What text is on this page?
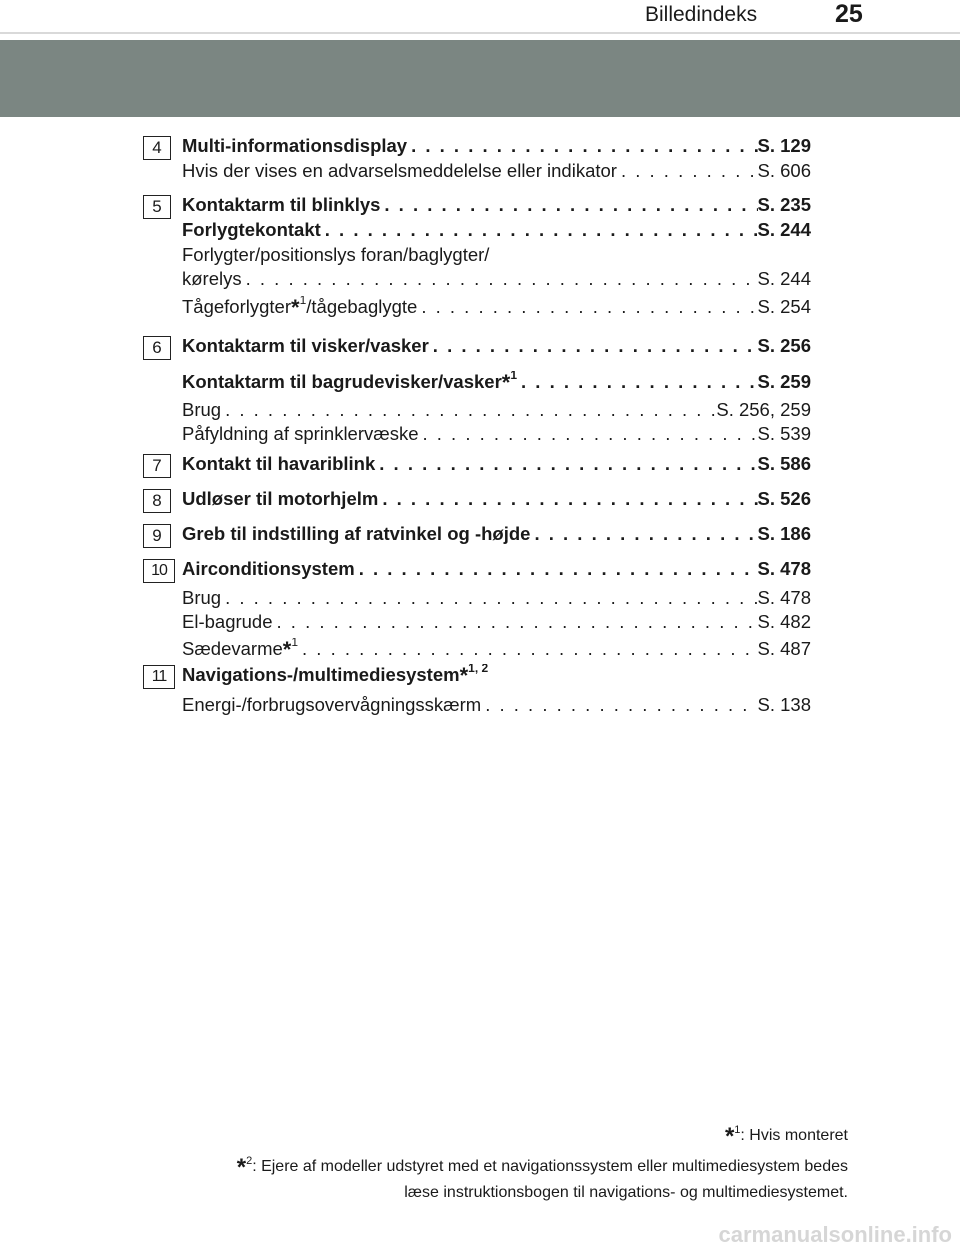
Billedindeks	25
4	Multi-informationsdisplay . . .	S. 129
Hvis der vises en advarselsmeddelelse eller indikator . . .	S. 606
5	Kontaktarm til blinklys . . .	S. 235
Forlygtekontakt . . .	S. 244
Forlygter/positionslys foran/baglygter/
kørelys . . .	S. 244
Tågeforlygter*$^1$/tågebaglygte . . .	S. 254
6	Kontaktarm til visker/vasker . . .	S. 256
Kontaktarm til bagrudevisker/vasker*$^1$ . . .	S. 259
Brug . . .	S. 256, 259
Påfyldning af sprinklervæske . . .	S. 539
7	Kontakt til havariblink . . .	S. 586
8	Udløser til motorhjelm . . .	S. 526
9	Greb til indstilling af ratvinkel og -højde . . .	S. 186
10 Airconditionsystem . . .	S. 478
Brug . . .	S. 478
El-bagrude . . .	S. 482
Sædevarme*$^1$ . . .	S. 487
11 Navigations-/multimediesystem*$^{1, 2}$
Energi-/forbrugsovervågningsskærm . . .	S. 138
*$^1$: Hvis monteret
*$^2$: Ejere af modeller udstyret med et navigationssystem eller multimediesystem bedes
læse instruktionsbogen til navigations- og multimediesystemet.
carmanualsonline.info
